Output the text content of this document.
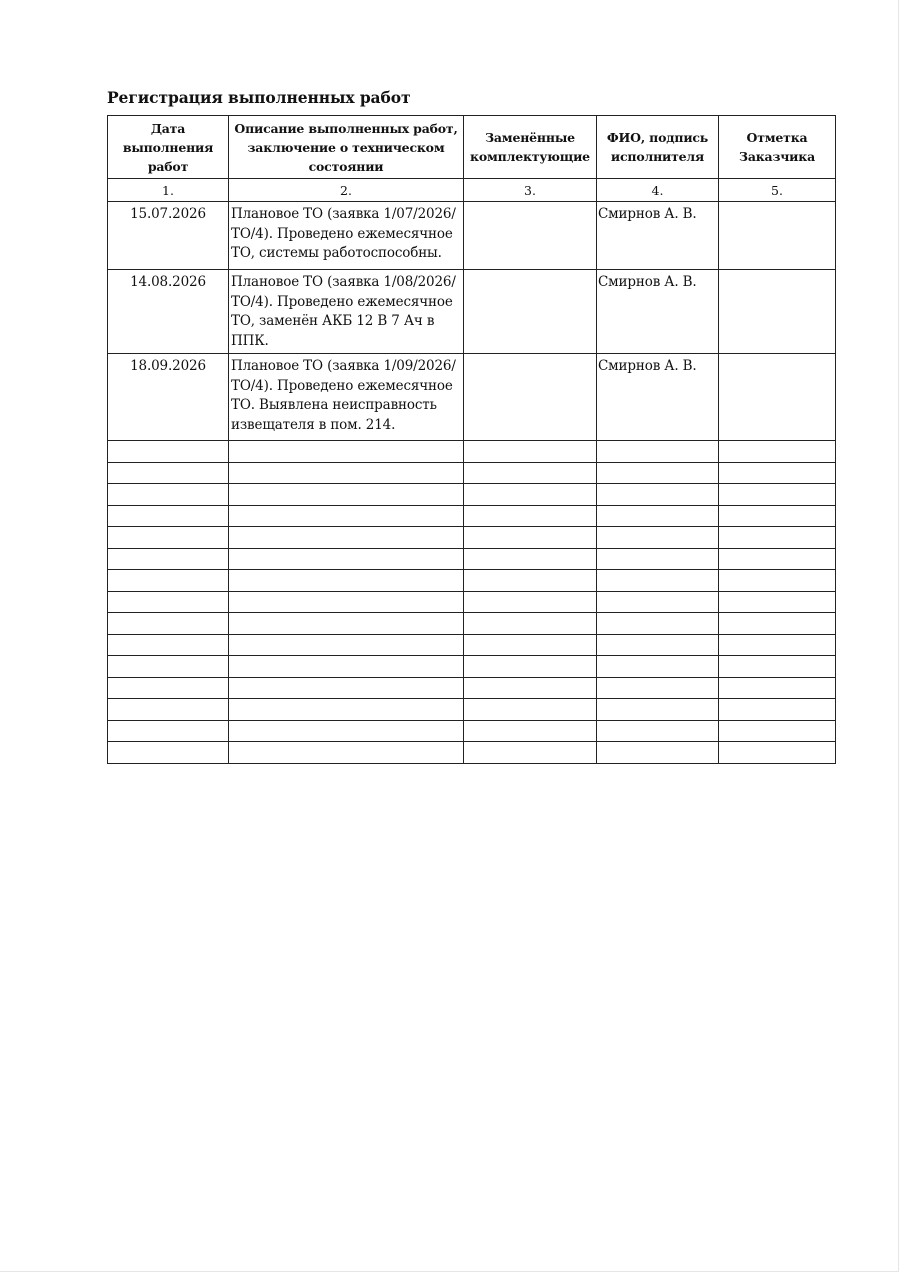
Регистрация выполненных работ
Дата выполнения работ	Описание выполненных работ, заключение о техническом состоянии	Заменённые комплектующие	ФИО, подпись исполнителя	Отметка Заказчика

1.	2.	3.	4.	5.
15.07.2026	Плановое ТО (заявка 1/07/2026/ТО/4). Проведено ежемесячное ТО, системы работоспособны.		Смирнов А. В.	
14.08.2026	Плановое ТО (заявка 1/08/2026/ТО/4). Проведено ежемесячное ТО, заменён АКБ 12 В 7 Ач в ППК.		Смирнов А. В.	
18.09.2026	Плановое ТО (заявка 1/09/2026/ТО/4). Проведено ежемесячное ТО. Выявлена неисправность извещателя в пом. 214.		Смирнов А. В.	
